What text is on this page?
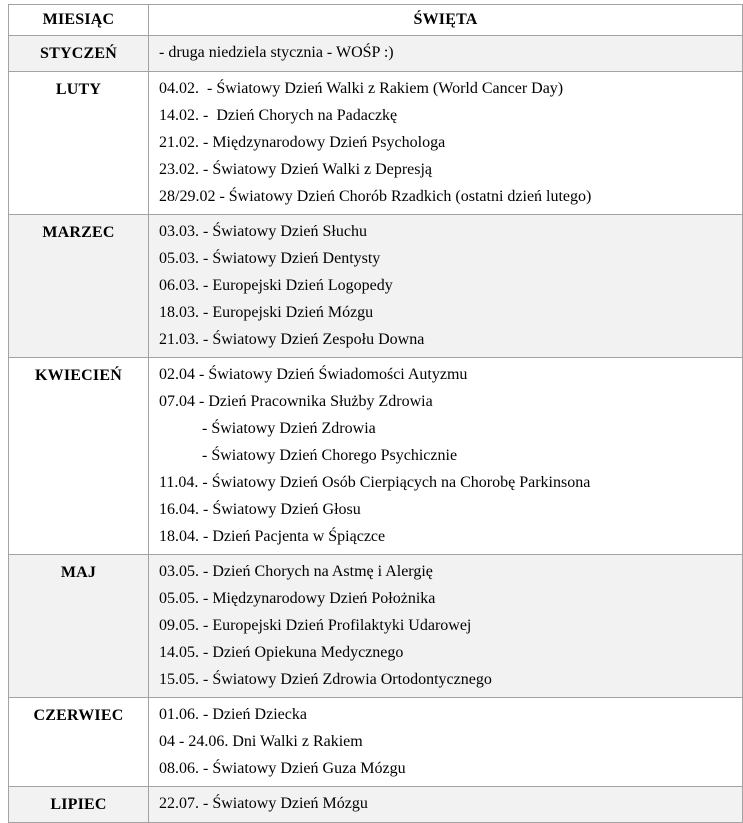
MIESIĄC	ŚWIĘTA
STYCZEŃ	- druga niedziela stycznia - WOŚP :)

LUTY	04.02.  - Światowy Dzień Walki z Rakiem (World Cancer Day)
14.02. -  Dzień Chorych na Padaczkę
21.02. - Międzynarodowy Dzień Psychologa
23.02. - Światowy Dzień Walki z Depresją
28/29.02 - Światowy Dzień Chorób Rzadkich (ostatni dzień lutego)

MARZEC	03.03. - Światowy Dzień Słuchu
05.03. - Światowy Dzień Dentysty
06.03. - Europejski Dzień Logopedy
18.03. - Europejski Dzień Mózgu
21.03. - Światowy Dzień Zespołu Downa

KWIECIEŃ	02.04 - Światowy Dzień Świadomości Autyzmu
07.04 - Dzień Pracownika Służby Zdrowia
- Światowy Dzień Zdrowia
- Światowy Dzień Chorego Psychicznie
11.04. - Światowy Dzień Osób Cierpiących na Chorobę Parkinsona
16.04. - Światowy Dzień Głosu
18.04. - Dzień Pacjenta w Śpiączce

MAJ	03.05. - Dzień Chorych na Astmę i Alergię
05.05. - Międzynarodowy Dzień Położnika
09.05. - Europejski Dzień Profilaktyki Udarowej
14.05. - Dzień Opiekuna Medycznego
15.05. - Światowy Dzień Zdrowia Ortodontycznego

CZERWIEC	01.06. - Dzień Dziecka
04 - 24.06. Dni Walki z Rakiem
08.06. - Światowy Dzień Guza Mózgu

LIPIEC	22.07. - Światowy Dzień Mózgu
